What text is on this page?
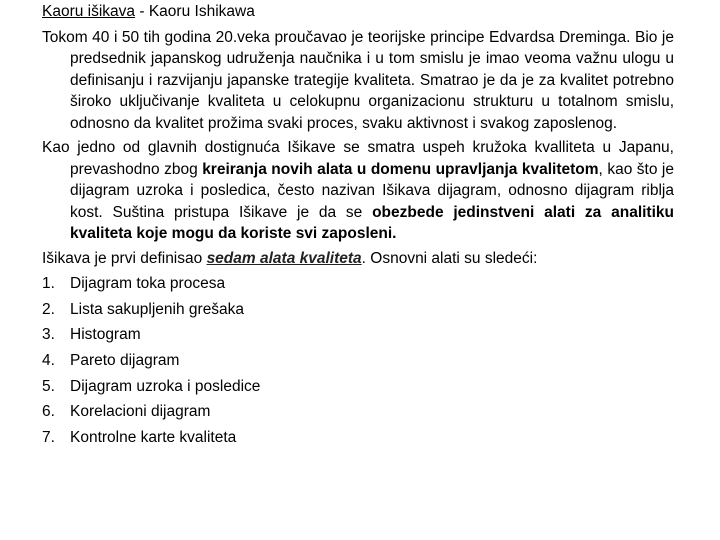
Kaoru išikava - Kaoru Ishikawa

Tokom 40 i 50 tih godina 20.veka proučavao je teorijske principe Edvardsa Dreminga. Bio je predsednik japanskog udruženja naučnika i u tom smislu je imao veoma važnu ulogu u definisanju i razvijanju japanske trategije kvaliteta. Smatrao je da je za kvalitet potrebno široko uključivanje kvaliteta u celokupnu organizacionu strukturu u totalnom smislu, odnosno da kvalitet prožima svaki proces, svaku aktivnost i svakog zaposlenog.

Kao jedno od glavnih dostignuća Išikave se smatra uspeh kružoka kvalliteta u Japanu, prevashodno zbog kreiranja novih alata u domenu upravljanja kvalitetom, kao što je dijagram uzroka i posledica, često nazivan Išikava dijagram, odnosno dijagram riblja kost. Suština pristupa Išikave je da se obezbede jedinstveni alati za analitiku kvaliteta koje mogu da koriste svi zaposleni.

Išikava je prvi definisao sedam alata kvaliteta. Osnovni alati su sledeći:

1. Dijagram toka procesa
2. Lista sakupljenih grešaka
3. Histogram
4. Pareto dijagram
5. Dijagram uzroka i posledice
6. Korelacioni dijagram
7. Kontrolne karte kvaliteta
